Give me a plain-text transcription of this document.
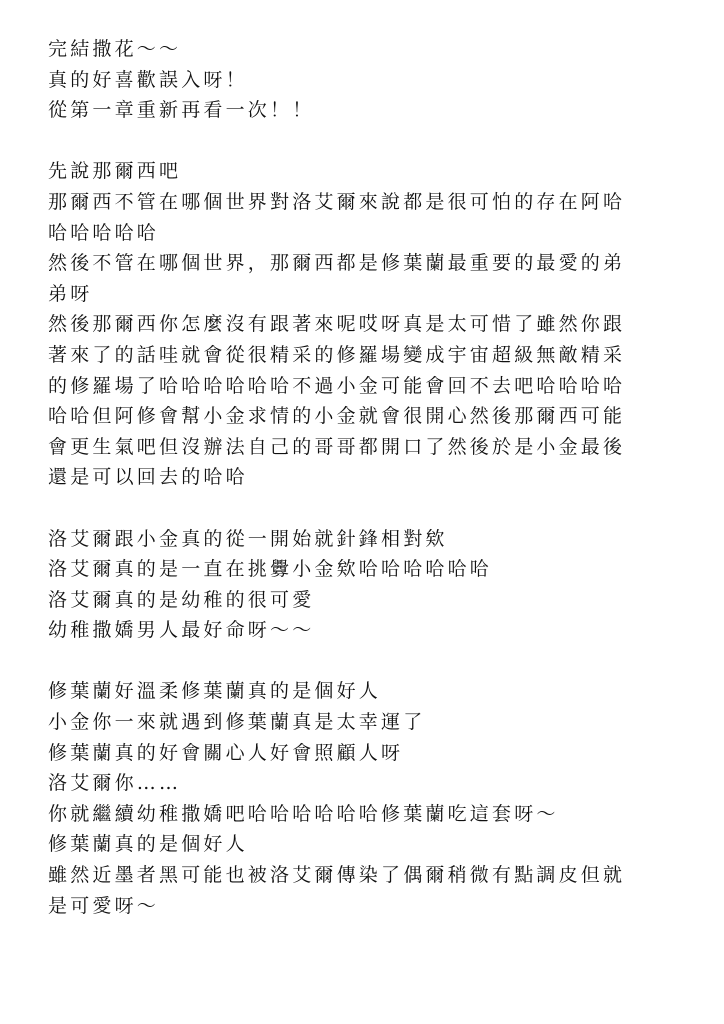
完結撒花～～
真的好喜歡誤入呀！
從第一章重新再看一次！！
先說那爾西吧
那爾西不管在哪個世界對洛艾爾來說都是很可怕的存在阿哈
哈哈哈哈哈
然後不管在哪個世界，那爾西都是修葉蘭最重要的最愛的弟
弟呀
然後那爾西你怎麼沒有跟著來呢哎呀真是太可惜了雖然你跟
著來了的話哇就會從很精采的修羅場變成宇宙超級無敵精采
的修羅場了哈哈哈哈哈哈不過小金可能會回不去吧哈哈哈哈
哈哈但阿修會幫小金求情的小金就會很開心然後那爾西可能
會更生氣吧但沒辦法自己的哥哥都開口了然後於是小金最後
還是可以回去的哈哈
洛艾爾跟小金真的從一開始就針鋒相對欸
洛艾爾真的是一直在挑釁小金欸哈哈哈哈哈哈
洛艾爾真的是幼稚的很可愛
幼稚撒嬌男人最好命呀～～
修葉蘭好溫柔修葉蘭真的是個好人
小金你一來就遇到修葉蘭真是太幸運了
修葉蘭真的好會關心人好會照顧人呀
洛艾爾你……
你就繼續幼稚撒嬌吧哈哈哈哈哈哈修葉蘭吃這套呀～
修葉蘭真的是個好人
雖然近墨者黑可能也被洛艾爾傳染了偶爾稍微有點調皮但就
是可愛呀～
